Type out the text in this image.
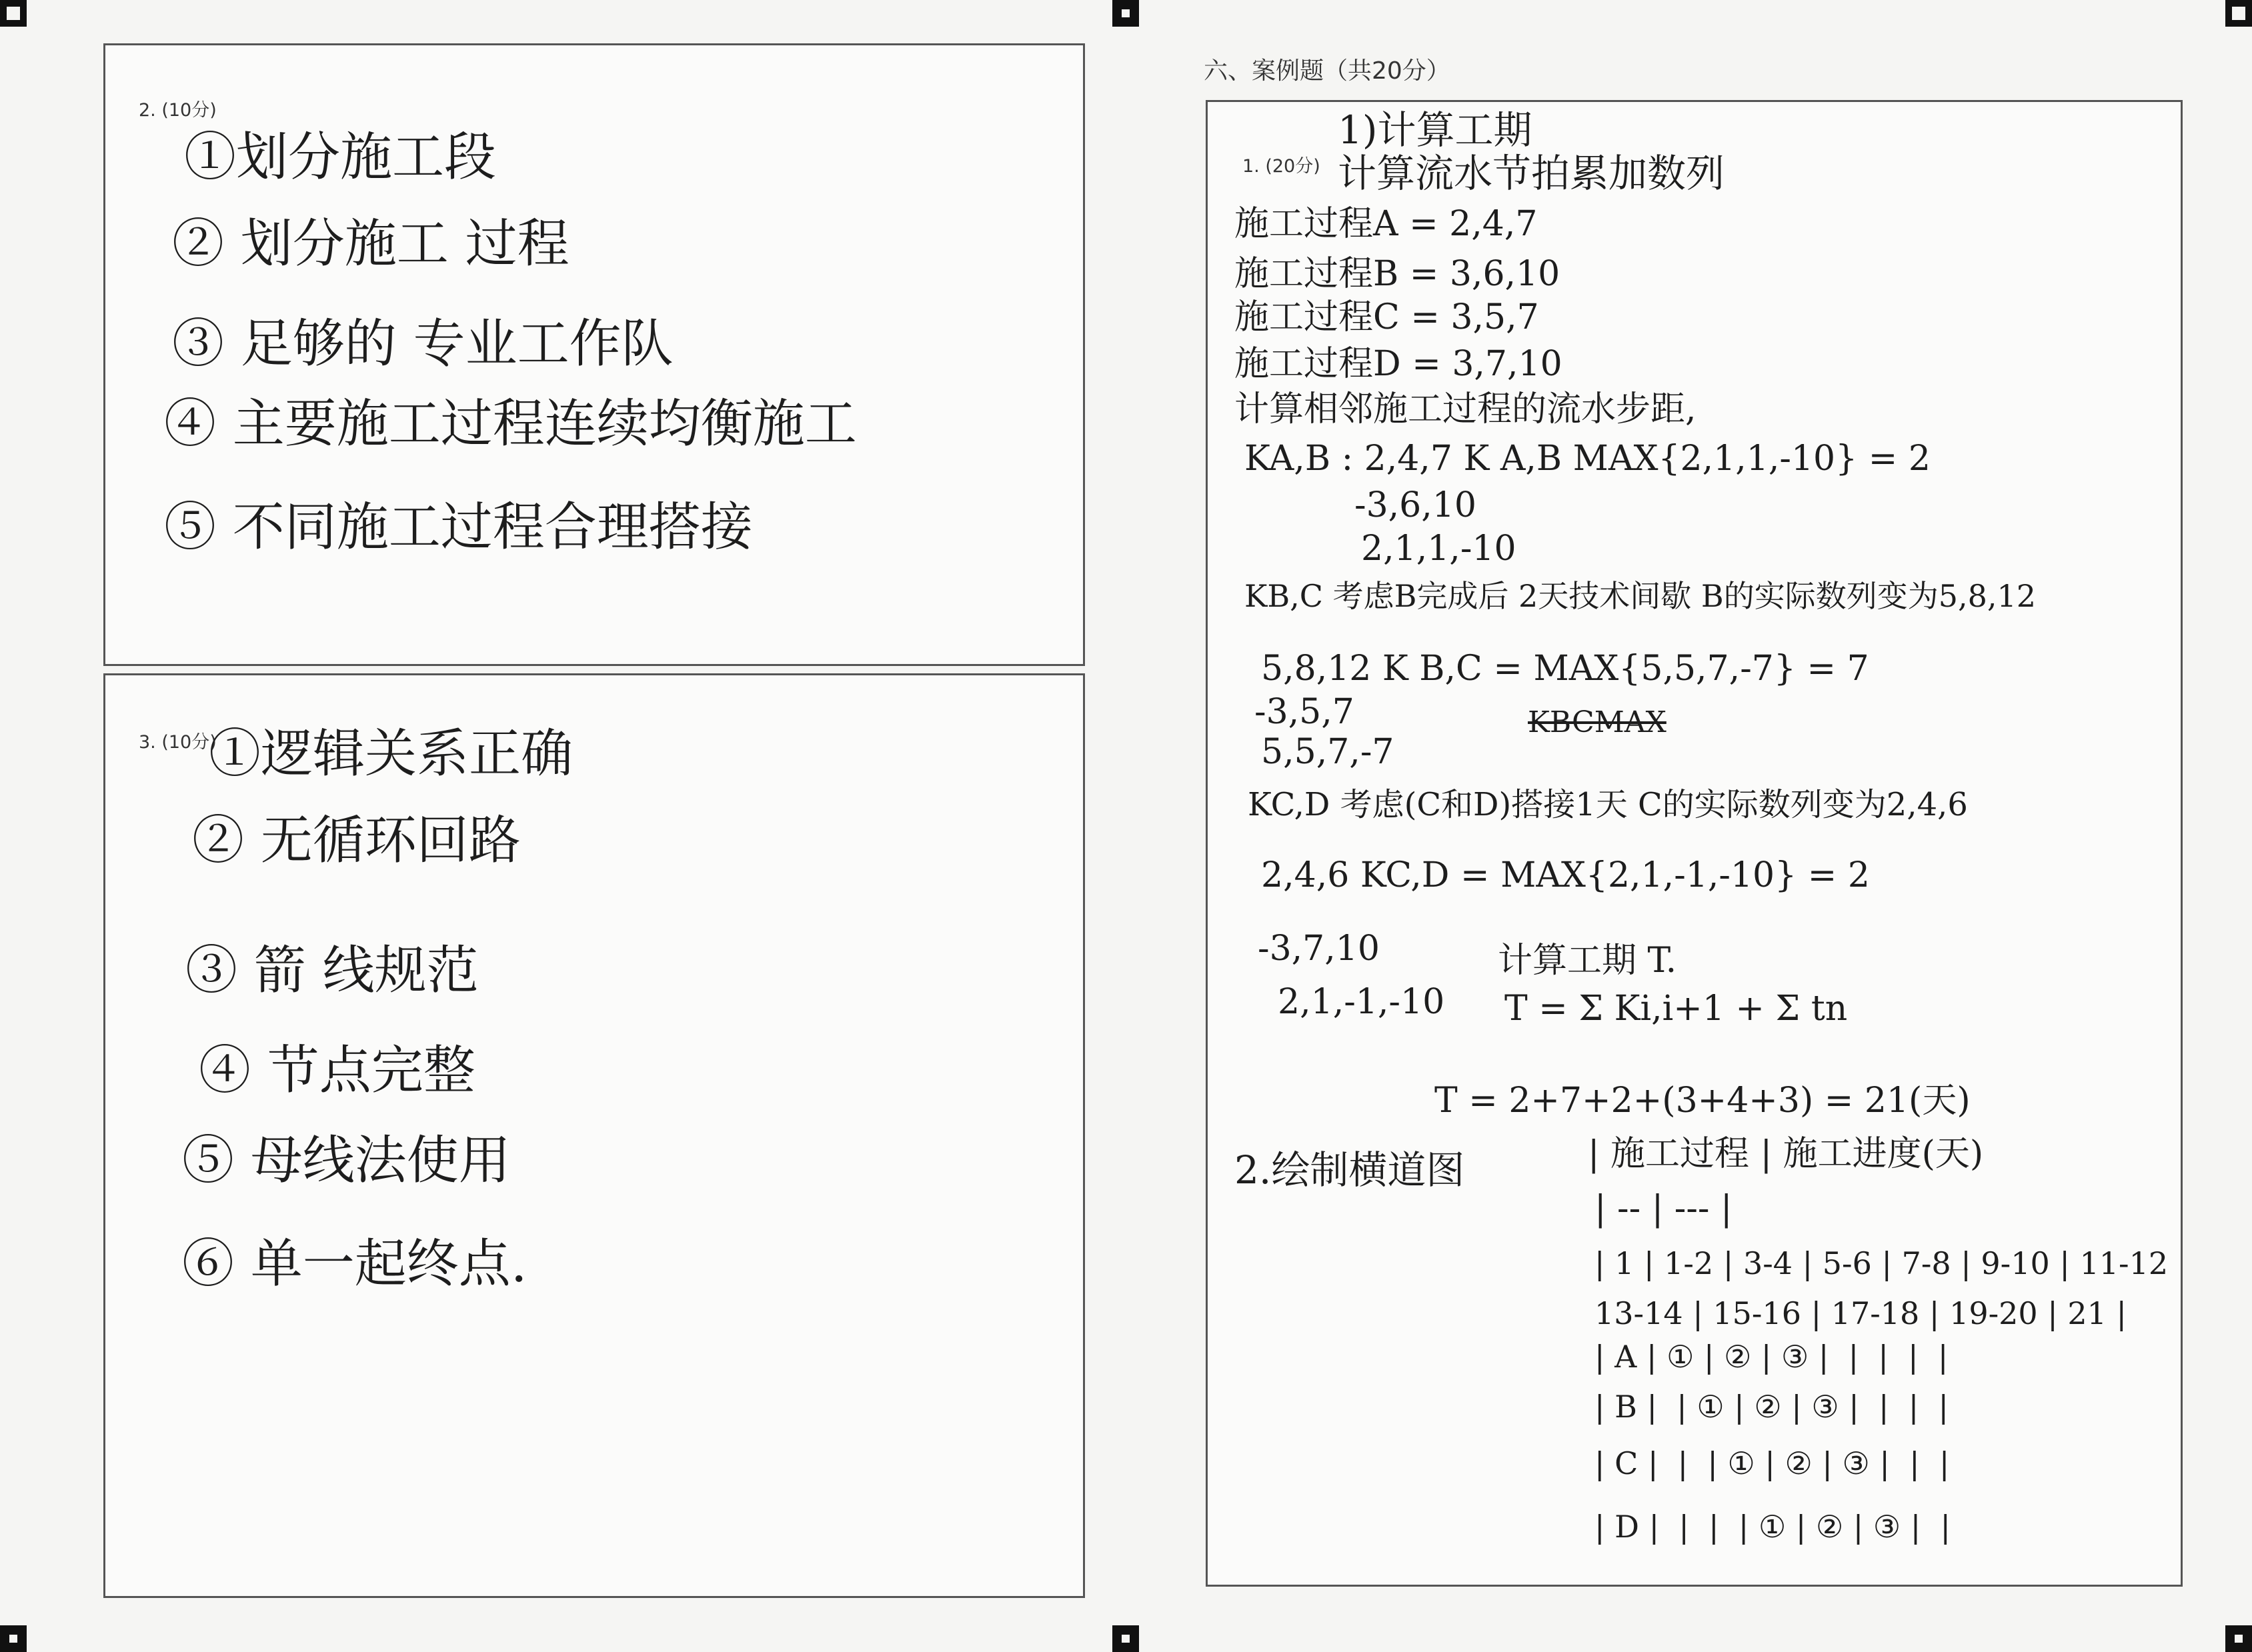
2. (10分)
①划分施工段
② 划分施工 过程
③ 足够的 专业工作队
④ 主要施工过程连续均衡施工
⑤ 不同施工过程合理搭接
3. (10分)
①逻辑关系正确
② 无循环回路
③ 箭 线规范
④ 节点完整
⑤ 母线法使用
⑥ 单一起终点.
六、案例题（共20分）
1. (20分)
1)计算工期
计算流水节拍累加数列
施工过程A = 2,4,7
施工过程B = 3,6,10
施工过程C = 3,5,7
施工过程D = 3,7,10
计算相邻施工过程的流水步距,
KA,B : 2,4,7 K A,B MAX{2,1,1,-10} = 2
-3,6,10
2,1,1,-10
KB,C 考虑B完成后 2天技术间歇 B的实际数列变为5,8,12
5,8,12 K B,C = MAX{5,5,7,-7} = 7
-3,5,7
5,5,7,-7
KBCMAX
KC,D 考虑(C和D)搭接1天 C的实际数列变为2,4,6
2,4,6 KC,D = MAX{2,1,-1,-10} = 2
-3,7,10
2,1,-1,-10
计算工期 T.
T = Σ Ki,i+1 + Σ tn
T = 2+7+2+(3+4+3) = 21(天)
2.绘制横道图	| 施工过程 | 施工进度(天)
| -- | --- |
| 1 | 1-2 | 3-4 | 5-6 | 7-8 | 9-10 | 11-12
13-14 | 15-16 | 17-18 | 19-20 | 21 |
| A | ① | ② | ③ |  |  |  |  |
| B |  | ① | ② | ③ |  |  |  |
| C |  |  | ① | ② | ③ |  |  |
| D |  |  |  | ① | ② | ③ |  |
